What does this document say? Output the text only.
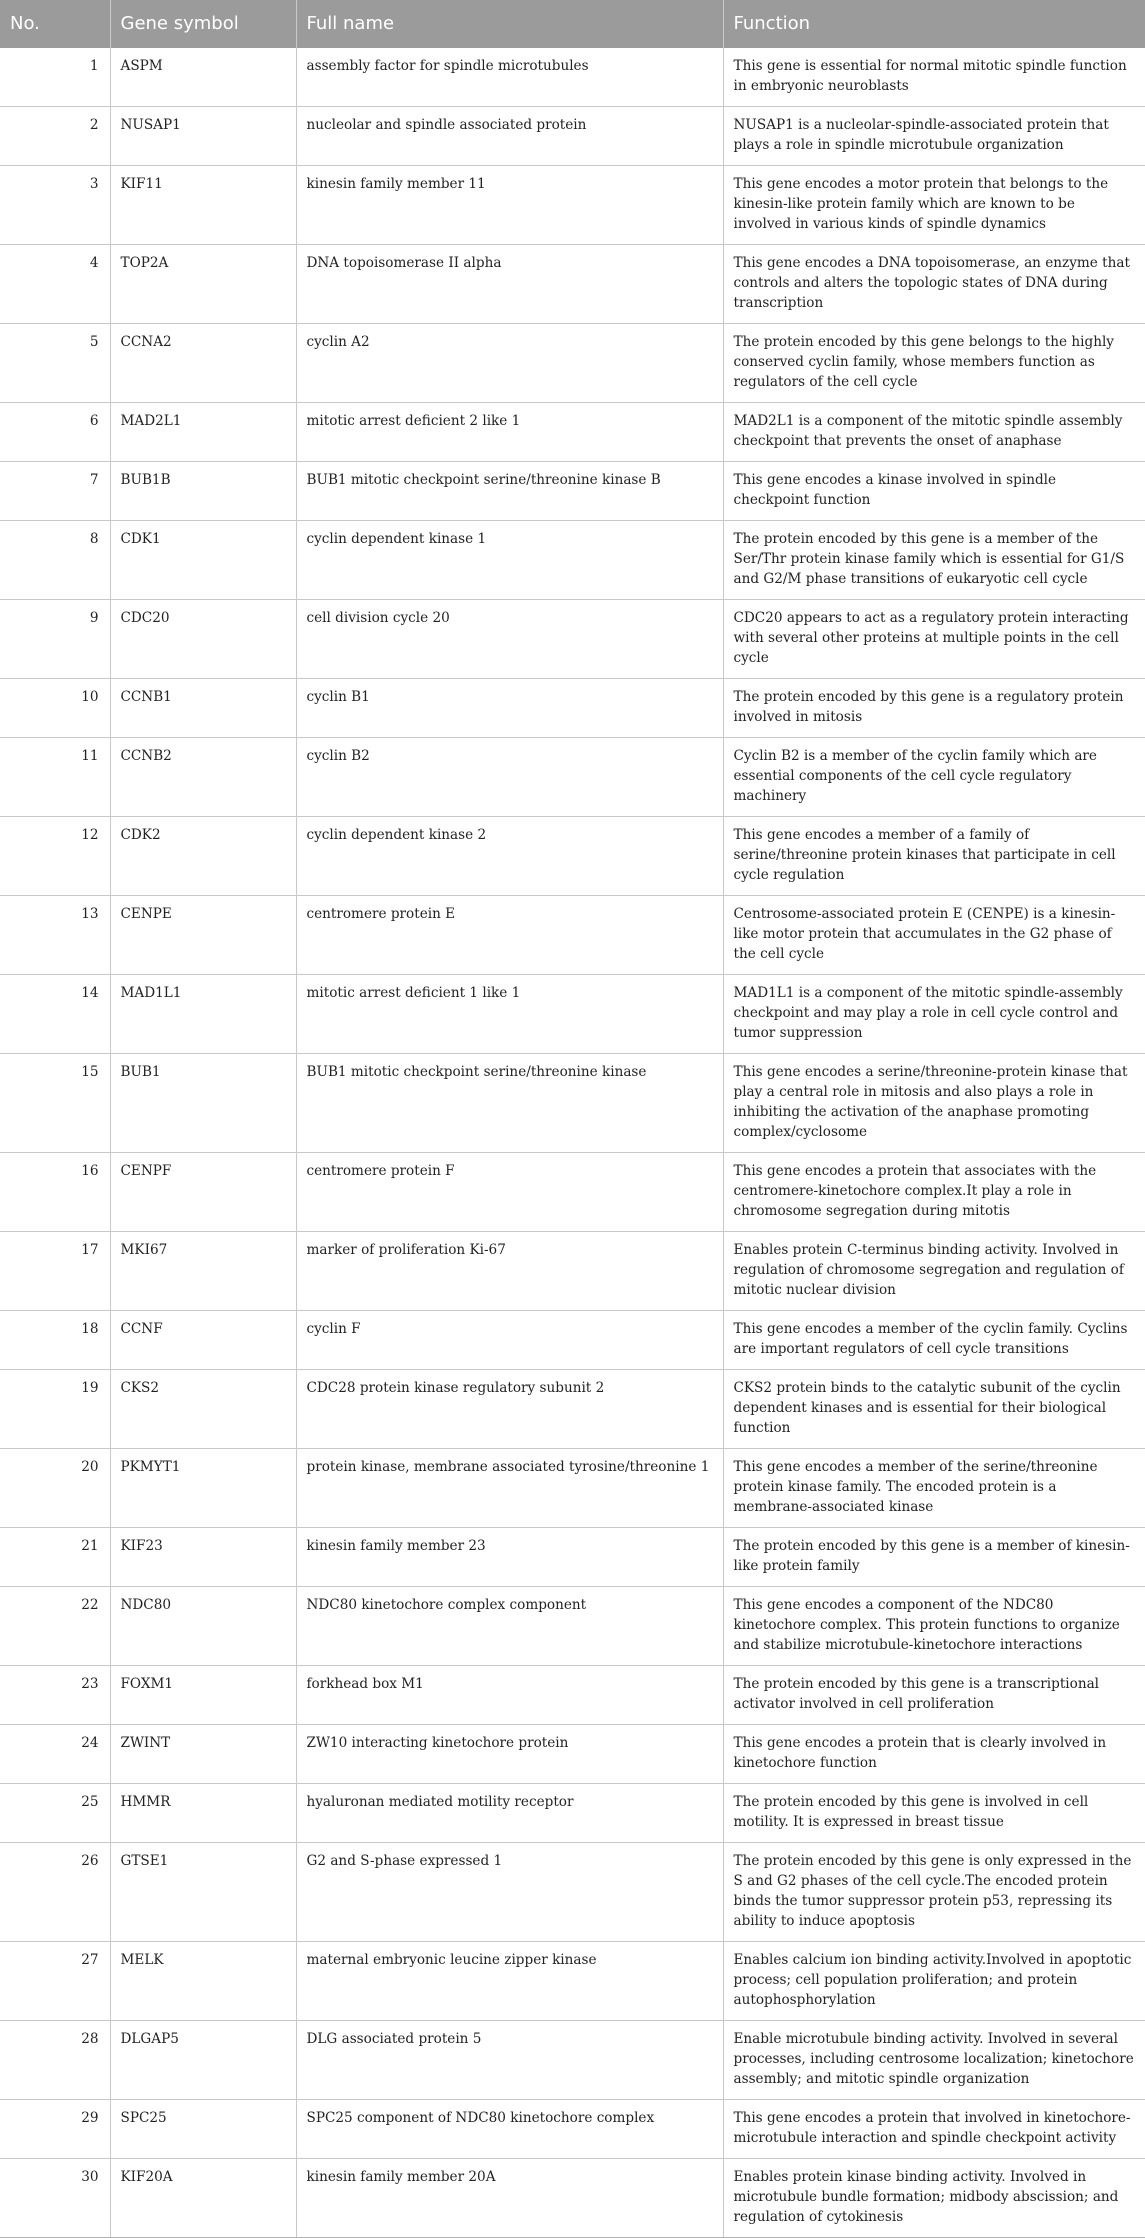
No.	Gene symbol	Full name	Function
1	ASPM	assembly factor for spindle microtubules	This gene is essential for normal mitotic spindle function in embryonic neuroblasts
2	NUSAP1	nucleolar and spindle associated protein	NUSAP1 is a nucleolar-spindle-associated protein that plays a role in spindle microtubule organization
3	KIF11	kinesin family member 11	This gene encodes a motor protein that belongs to the kinesin-like protein family which are known to be involved in various kinds of spindle dynamics
4	TOP2A	DNA topoisomerase II alpha	This gene encodes a DNA topoisomerase, an enzyme that controls and alters the topologic states of DNA during transcription
5	CCNA2	cyclin A2	The protein encoded by this gene belongs to the highly conserved cyclin family, whose members function as regulators of the cell cycle
6	MAD2L1	mitotic arrest deficient 2 like 1	MAD2L1 is a component of the mitotic spindle assembly checkpoint that prevents the onset of anaphase
7	BUB1B	BUB1 mitotic checkpoint serine/threonine kinase B	This gene encodes a kinase involved in spindle checkpoint function
8	CDK1	cyclin dependent kinase 1	The protein encoded by this gene is a member of the Ser/Thr protein kinase family which is essential for G1/S and G2/M phase transitions of eukaryotic cell cycle
9	CDC20	cell division cycle 20	CDC20 appears to act as a regulatory protein interacting with several other proteins at multiple points in the cell cycle
10	CCNB1	cyclin B1	The protein encoded by this gene is a regulatory protein involved in mitosis
11	CCNB2	cyclin B2	Cyclin B2 is a member of the cyclin family which are essential components of the cell cycle regulatory machinery
12	CDK2	cyclin dependent kinase 2	This gene encodes a member of a family of serine/threonine protein kinases that participate in cell cycle regulation
13	CENPE	centromere protein E	Centrosome-associated protein E (CENPE) is a kinesin-like motor protein that accumulates in the G2 phase of the cell cycle
14	MAD1L1	mitotic arrest deficient 1 like 1	MAD1L1 is a component of the mitotic spindle-assembly checkpoint and may play a role in cell cycle control and tumor suppression
15	BUB1	BUB1 mitotic checkpoint serine/threonine kinase	This gene encodes a serine/threonine-protein kinase that play a central role in mitosis and also plays a role in inhibiting the activation of the anaphase promoting complex/cyclosome
16	CENPF	centromere protein F	This gene encodes a protein that associates with the centromere-kinetochore complex.It play a role in chromosome segregation during mitotis
17	MKI67	marker of proliferation Ki-67	Enables protein C-terminus binding activity. Involved in regulation of chromosome segregation and regulation of mitotic nuclear division
18	CCNF	cyclin F	This gene encodes a member of the cyclin family. Cyclins are important regulators of cell cycle transitions
19	CKS2	CDC28 protein kinase regulatory subunit 2	CKS2 protein binds to the catalytic subunit of the cyclin dependent kinases and is essential for their biological function
20	PKMYT1	protein kinase, membrane associated tyrosine/threonine 1	This gene encodes a member of the serine/threonine protein kinase family. The encoded protein is a membrane-associated kinase
21	KIF23	kinesin family member 23	The protein encoded by this gene is a member of kinesin-like protein family
22	NDC80	NDC80 kinetochore complex component	This gene encodes a component of the NDC80 kinetochore complex. This protein functions to organize and stabilize microtubule-kinetochore interactions
23	FOXM1	forkhead box M1	The protein encoded by this gene is a transcriptional activator involved in cell proliferation
24	ZWINT	ZW10 interacting kinetochore protein	This gene encodes a protein that is clearly involved in kinetochore function
25	HMMR	hyaluronan mediated motility receptor	The protein encoded by this gene is involved in cell motility. It is expressed in breast tissue
26	GTSE1	G2 and S-phase expressed 1	The protein encoded by this gene is only expressed in the S and G2 phases of the cell cycle.The encoded protein binds the tumor suppressor protein p53, repressing its ability to induce apoptosis
27	MELK	maternal embryonic leucine zipper kinase	Enables calcium ion binding activity.Involved in apoptotic process; cell population proliferation; and protein autophosphorylation
28	DLGAP5	DLG associated protein 5	Enable microtubule binding activity. Involved in several processes, including centrosome localization; kinetochore assembly; and mitotic spindle organization
29	SPC25	SPC25 component of NDC80 kinetochore complex	This gene encodes a protein that involved in kinetochore-microtubule interaction and spindle checkpoint activity
30	KIF20A	kinesin family member 20A	Enables protein kinase binding activity. Involved in microtubule bundle formation; midbody abscission; and regulation of cytokinesis
